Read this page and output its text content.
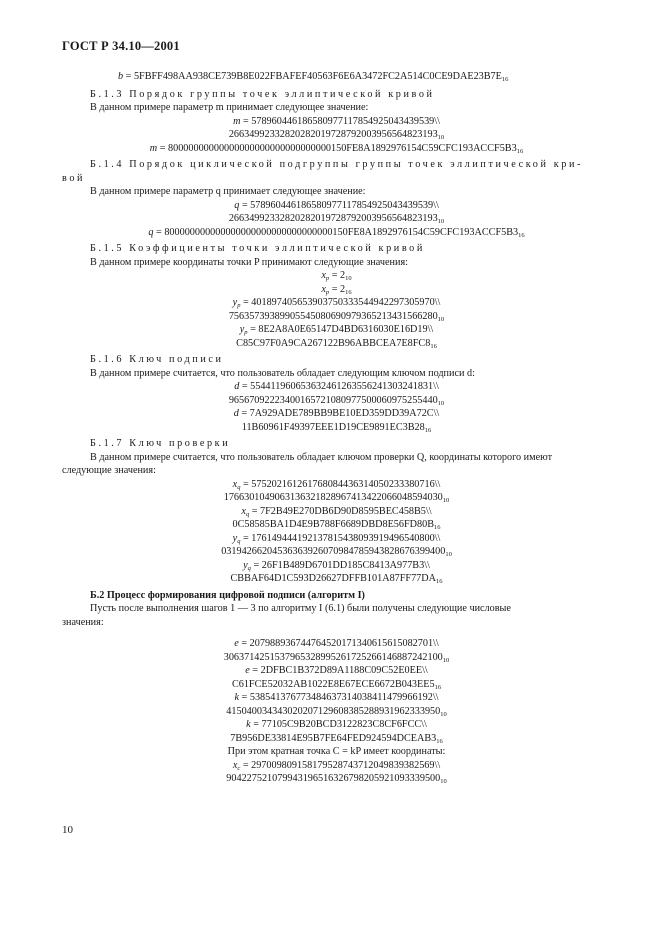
ГОСТ Р 34.10—2001
$b = 5FBFF498AA938CE739B8E022FBAFEF40563F6E6A3472FC2A514C0CE9DAE23B7E_{16}$
Б.1.3 Порядок группы точек эллиптической кривой
В данном примере параметр m принимает следующее значение:
m = 578960446186580977117854925043439539\\
$26634992332820282019728792003956564823193_{10}$
$m = 80000000000000000000000000000000150FE8A1892976154C59CFC193ACCF5B3_{16}$
Б.1.4 Порядок циклической подгруппы группы точек эллиптической кри-
вой
В данном примере параметр q принимает следующее значение:
q = 578960446186580977117854925043439539\\
$26634992332820282019728792003956564823193_{10}$
$q = 800000000000000000000000000000000150FE8A1892976154C59CFC193ACCF5B3_{16}$
Б.1.5 Коэффициенты точки эллиптической кривой
В данном примере координаты точки P принимают следующие значения:
$x_p = 2_{10}$
$x_p = 2_{16}$
$y_p$ = 401897405653903750333544942297305970\\
$75635739389905545080690979365213431566280_{10}$
$y_p$ = 8E2A8A0E65147D4BD6316030E16D19\\
$C85C97F0A9CA267122B96ABBCEA7E8FC8_{16}$
Б.1.6 Ключ подписи
В данном примере считается, что пользователь обладает следующим ключом подписи d:
d = 554411960653632461263556241303241831\\
$96567092223400165721080977500060975255440_{10}$
d = 7A929ADE789BB9BE10ED359DD39A72C\\
$11B60961F49397EEE1D19CE9891EC3B28_{16}$
Б.1.7 Ключ проверки
В данном примере считается, что пользователь обладает ключом проверки Q, координаты которого имеют
следующие значения:
$x_q$ = 575202161261768084436314050233380716\\
$1766301049063136321828967413422066048594030_{10}$
$x_q$ = 7F2B49E270DB6D90D8595BEC458B5\\
$0C58585BA1D4E9B788F6689DBD8E56FD80B_{16}$
$y_q$ = 176149444192137815438093919496540800\\
$03194266204536363926070984785943828676399400_{10}$
$y_q$ = 26F1B489D6701DD185C8413A977B3\\
$CBBAF64D1C593D26627DFFB101A87FF77DA_{16}$
Б.2 Процесс формирования цифровой подписи (алгоритм I)
Пусть после выполнения шагов 1 — 3 по алгоритму I (6.1) были получены следующие числовые
значения:
e = 207988936744764520171340615615082701\\
$3063714251537965328995261725266146887242100_{10}$
e = 2DFBC1B372D89A1188C09C52E0EE\\
$C61FCE52032AB1022E8E67ECE6672B043EE5_{16}$
k = 538541376773484637314038411479966192\\
$415040034343020207129608385288931962333950_{10}$
k = 77105C9B20BCD3122823C8CF6FCC\\
$7B956DE33814E95B7FE64FED924594DCEAB3_{16}$
При этом кратная точка C = kP имеет координаты:
$x_c$ = 297009809158179528743712049839382569\\
$904227521079943196516326798205921093339500_{10}$
10
